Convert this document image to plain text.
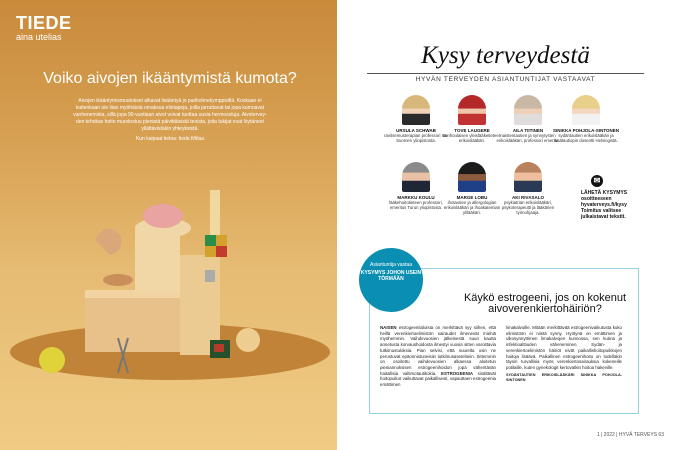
TIEDE
aina utelias
Voiko aivojen ikääntymistä kumota?
Aivojen ikääntymismuutokset alkavat lisääntyä jo parikolmekymppisillä. Koskaan ei kuitenkaan ole liian myöhäistä omaksua elintapoja, joilla jarruttavat tai jopa kumoavat vanhenemista, sillä jopa 90-vuotiaan aivot voivat tuottaa uusia hermosoluja. Aivotervey-den tehokas hoito muodostuu pienistä päivittäisistä teoista, joita tukijat ovat löytäneet yllättävistäkin yhteyksistä.
Kun kaipaat tietoa: tiede.fi/tilaa
Kysy terveydestä
HYVÄN TERVEYDEN ASIANTUNTIJAT VASTAAVAT
URSULA SCHWAB
ravitsemusterapian professori Itä-Suomen yliopistosta.
TOVE LAUGERE
vanhoulaisen yleislääketieteen erikoislääkäri.
AILA TIITINEN
naistentautien ja synnytysten erikoislääkäri, professori emerita.
SINIKKA POHJOLA-SINTONEN
sydäntautien erikoislääkäri ja sisätautiopin dosentti Helsingistä.
MARKKU KOULU
lääkehoitotieteen professori, emeritus Turun yliopistosta.
MARGE LOBU
ihotautien ja allergologian erikoislääkäri ja ihoakatemian ylilääkäri.
AKI RIVASALO
psykiatrian erikoislääkäri, psykoterapeutti ja lääkärien työnohjaaja.
✉
LÄHETÄ KYSYMYS osoitteeseen hyvaterveys.fi/kysy Toimitus valitsee julkaistavat tekstit.
Käykö estrogeeni, jos on kokenut aivoverenkiertohäiriön?
NAISEN estrogeenitaloista on merkittävä syy siihen, että heillä verenkiertoelimistön sairaudet ilmenevät miehiä myöhemmin. Vaihdevuosien jälkeisestä suun kautta annetusta korvaushoidosta ilmestyi vuosia sitten varoittavia tutkimustuloksia. Pian selvisi, että suurelta osin ne perustuvat epäonnistuneisiin tutkimusasetelmiin. Sittemmin on osoitettu vaihdevuosien alkaessa aloitetun pieniannoksisen estrogeenihoidon jopa vähentävän haitallisia valtimotautikokia. ESTROGEENIA sisältävät hoitopuikot vaikuttavat paikallisesti, vapauttaen estrogeenia emättimen
limakalvoille. Mitään merkittävää estrogeenivaikutusta koko elimistöön ei niistä synny. Hyötynä on emättimen ja ulkosynnyttimen limakalvojen kunnossa, sen kutina ja infektioalttiuden väheneminen. Sydän- ja verenkiertoelimistön häiriöt eivät paikallishoitopuikkojen haitoja lisäävä. Paikallinen estrogeenihoito on todellakin täysin turvallisia myös verenkiertosairauksia kokeneille potilaille, kuten gynekologit kertovatkin hoitoa hakeville.
SYDÄNTAUTIEN ERIKOISLÄÄKÄRI SINIKKA POHJOLA-SINTONEN
Asiantuntija vastaa
KYSYMYS JOHON USEIN TÖRMÄÄN
1 | 2022 | HYVÄ TERVEYS 63
